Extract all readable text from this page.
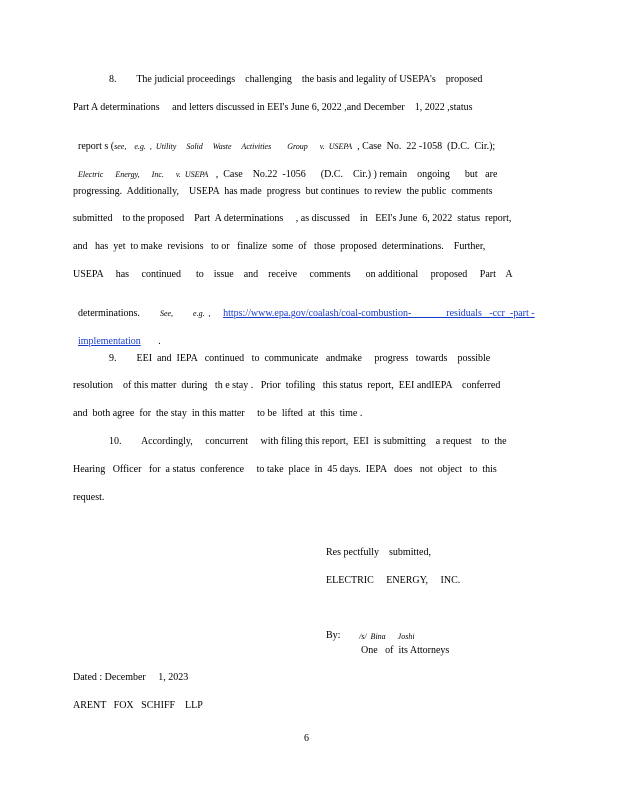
8.        The judicial proceedings    challenging    the basis and legality of USEPA's    proposed
Part A determinations     and letters discussed in EEI's June 6, 2022 ,and December    1, 2022 ,status

report s (see,    e.g.  ,  Utility     Solid     Waste     Activities        Group      v.  USEPA  , Case  No.  22 -1058  (D.C.  Cir.);

Electric      Energy,      Inc.      v.  USEPA   ,  Case    No.22  -1056      (D.C.    Cir.) ) remain    ongoing      but   are

progressing.  Additionally,    USEPA  has made  progress  but continues  to review  the public  comments
submitted    to the proposed    Part  A determinations     , as discussed    in   EEI's June  6, 2022  status  report,
and   has  yet  to make  revisions   to or   finalize  some  of   those  proposed  determinations.    Further,
USEPA     has     continued      to    issue    and    receive     comments      on additional     proposed     Part    A

determinations.        See,          e.g.  , https://www.epa.gov/coalash/coal-combustion-              residuals   -ccr  -part -

implementation       .

9.        EEI  and  IEPA   continued   to  communicate   andmake     progress   towards    possible
resolution    of this matter  during   th e stay .   Prior  tofiling   this status  report,  EEI andIEPA    conferred
and  both agree  for  the stay  in this matter     to be  lifted  at  this  time .
10.        Accordingly,     concurrent     with filing this report,  EEI  is submitting    a request    to  the
Hearing   Officer   for  a status  conference     to take  place  in  45 days.  IEPA   does   not  object   to  this
request.
Res pectfully    submitted,
ELECTRIC     ENERGY,     INC.
By: /s/  Bina      Joshi
One   of  its Attorneys
Dated : December     1, 2023
ARENT   FOX   SCHIFF    LLP
6
